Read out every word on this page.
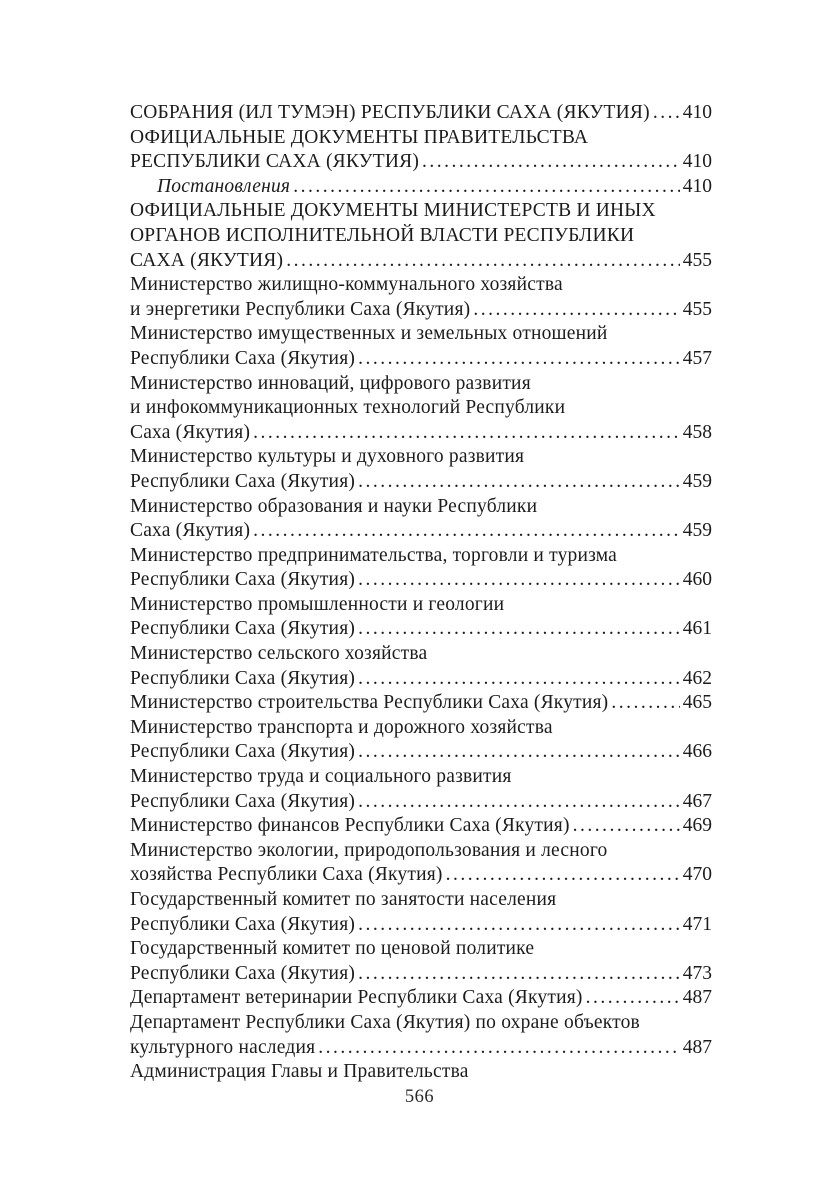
СОБРАНИЯ (ИЛ ТУМЭН) РЕСПУБЛИКИ САХА (ЯКУТИЯ) ..... 410
ОФИЦИАЛЬНЫЕ ДОКУМЕНТЫ ПРАВИТЕЛЬСТВА
РЕСПУБЛИКИ САХА (ЯКУТИЯ) .....	410
Постановления .....	410
ОФИЦИАЛЬНЫЕ ДОКУМЕНТЫ МИНИСТЕРСТВ И ИНЫХ
ОРГАНОВ ИСПОЛНИТЕЛЬНОЙ ВЛАСТИ РЕСПУБЛИКИ
САХА (ЯКУТИЯ) .....	455
Министерство жилищно-коммунального хозяйства
и энергетики Республики Саха (Якутия) .....	455
Министерство имущественных и земельных отношений
Республики Саха (Якутия) .....	457
Министерство инноваций, цифрового развития
и инфокоммуникационных технологий Республики
Саха (Якутия) .....	458
Министерство культуры и духовного развития
Республики Саха (Якутия) .....	459
Министерство образования и науки Республики
Саха (Якутия) .....	459
Министерство предпринимательства, торговли и туризма
Республики Саха (Якутия) .....	460
Министерство промышленности и геологии
Республики Саха (Якутия) .....	461
Министерство сельского хозяйства
Республики Саха (Якутия) .....	462
Министерство строительства Республики Саха (Якутия) .....	465
Министерство транспорта и дорожного хозяйства
Республики Саха (Якутия) .....	466
Министерство труда и социального развития
Республики Саха (Якутия) .....	467
Министерство финансов Республики Саха (Якутия) .....	469
Министерство экологии, природопользования и лесного
хозяйства Республики Саха (Якутия) .....	470
Государственный комитет по занятости населения
Республики Саха (Якутия) .....	471
Государственный комитет по ценовой политике
Республики Саха (Якутия) .....	473
Департамент ветеринарии Республики Саха (Якутия) .....	487
Департамент Республики Саха (Якутия) по охране объектов
культурного наследия .....	487
Администрация Главы и Правительства
566
